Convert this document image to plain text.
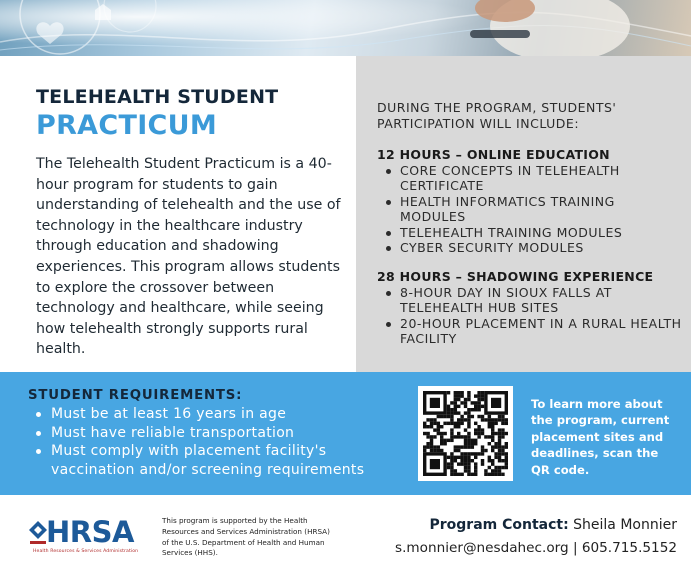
TELEHEALTH STUDENT
PRACTICUM

The Telehealth Student Practicum is a 40-hour program for students to gain understanding of telehealth and the use of technology in the healthcare industry through education and shadowing experiences. This program allows students to explore the crossover between technology and healthcare, while seeing how telehealth strongly supports rural health.

DURING THE PROGRAM, STUDENTS' PARTICIPATION WILL INCLUDE:

12 HOURS – ONLINE EDUCATION
CORE CONCEPTS IN TELEHEALTH CERTIFICATE
HEALTH INFORMATICS TRAINING MODULES
TELEHEALTH TRAINING MODULES
CYBER SECURITY MODULES
28 HOURS – SHADOWING EXPERIENCE
8-HOUR DAY IN SIOUX FALLS AT TELEHEALTH HUB SITES
20-HOUR PLACEMENT IN A RURAL HEALTH FACILITY
STUDENT REQUIREMENTS:
Must be at least 16 years in age
Must have reliable transportation
Must comply with placement facility's vaccination and/or screening requirements

To learn more about the program, current placement sites and deadlines, scan the QR code.

HRSA
Health Resources & Services Administration

This program is supported by the Health Resources and Services Administration (HRSA) of the U.S. Department of Health and Human Services (HHS).

Program Contact: Sheila Monnier
s.monnier@nesdahec.org | 605.715.5152
